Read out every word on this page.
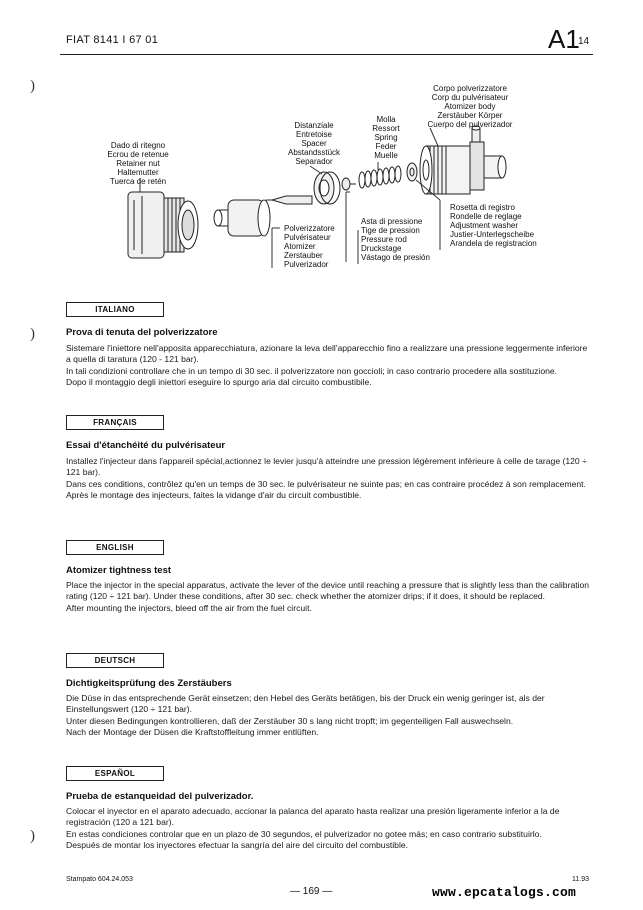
FIAT 8141 I 67 01	A1
14
)
)
)
Dado di ritegno
Ecrou de retenue
Retainer nut
Haltemutter
Tuerca de retén
Distanziale
Entretoise
Spacer
Abstandsstück
Separador
Molla
Ressort
Spring
Feder
Muelle
Corpo polverizzatore
Corp du pulvérisateur
Atomizer body
Zerstäuber Körper
Cuerpo del pulverizador
Polverizzatore
Pulvérisateur
Atomizer
Zerstauber
Pulverizador
Asta di pressione
Tige de pression
Pressure rod
Druckstage
Vástago de presión
Rosetta di registro
Rondelle de reglage
Adjustment washer
Justier-Unterlegscheibe
Arandela de registracion
ITALIANO
Prova di tenuta del polverizzatore

Sistemare l'iniettore nell'apposita apparecchiatura, azionare la leva dell'apparecchio fino a realizzare una pressione leggermente inferiore a quella di taratura (120 - 121 bar).

In tali condizioni controllare che in un tempo di 30 sec. il polverizzatore non goccioli; in caso contrario procedere alla sostituzione.

Dopo il montaggio degli iniettori eseguire lo spurgo aria dal circuito combustibile.

FRANÇAIS
Essai d'étanchéité du pulvérisateur

Installez l'injecteur dans l'appareil spécial,actionnez le levier jusqu'à atteindre une pression légèrement inférieure à celle de tarage (120 ÷ 121 bar).

Dans ces conditions, contrôlez qu'en un temps de 30 sec. le pulvérisateur ne suinte pas; en cas contraire procédez à son remplacement.

Après le montage des injecteurs, faites la vidange d'air du circuit combustible.

ENGLISH
Atomizer tightness test

Place the injector in the special apparatus, activate the lever of the device until reaching a pressure that is slightly less than the calibration rating (120 ÷ 121 bar). Under these conditions, after 30 sec. check whether the atomizer drips; if it does, it should be replaced.

After mounting the injectors, bleed off the air from the fuel circuit.

DEUTSCH
Dichtigkeitsprüfung des Zerstäubers

Die Düse in das entsprechende Gerät einsetzen; den Hebel des Geräts betätigen, bis der Druck ein wenig geringer ist, als der Einstellungswert (120 ÷ 121 bar).

Unter diesen Bedingungen kontrollieren, daß der Zerstäuber 30 s lang nicht tropft; im gegenteiligen Fall auswechseln.

Nach der Montage der Düsen die Kraftstoffleitung immer entlüften.

ESPAÑOL
Prueba de estanqueidad del pulverizador.

Colocar el inyector en el aparato adecuado, accionar la palanca del aparato hasta realizar una presión ligeramente inferior a la de registración (120 a 121 bar).

En estas condiciones controlar que en un plazo de 30 segundos, el pulverizador no gotee más; en caso contrario substituirlo.

Después de montar los inyectores efectuar la sangría del aire del circuito del combustible.

Stampato 604.24.053	11.93
— 169 —	www.epcatalogs.com
